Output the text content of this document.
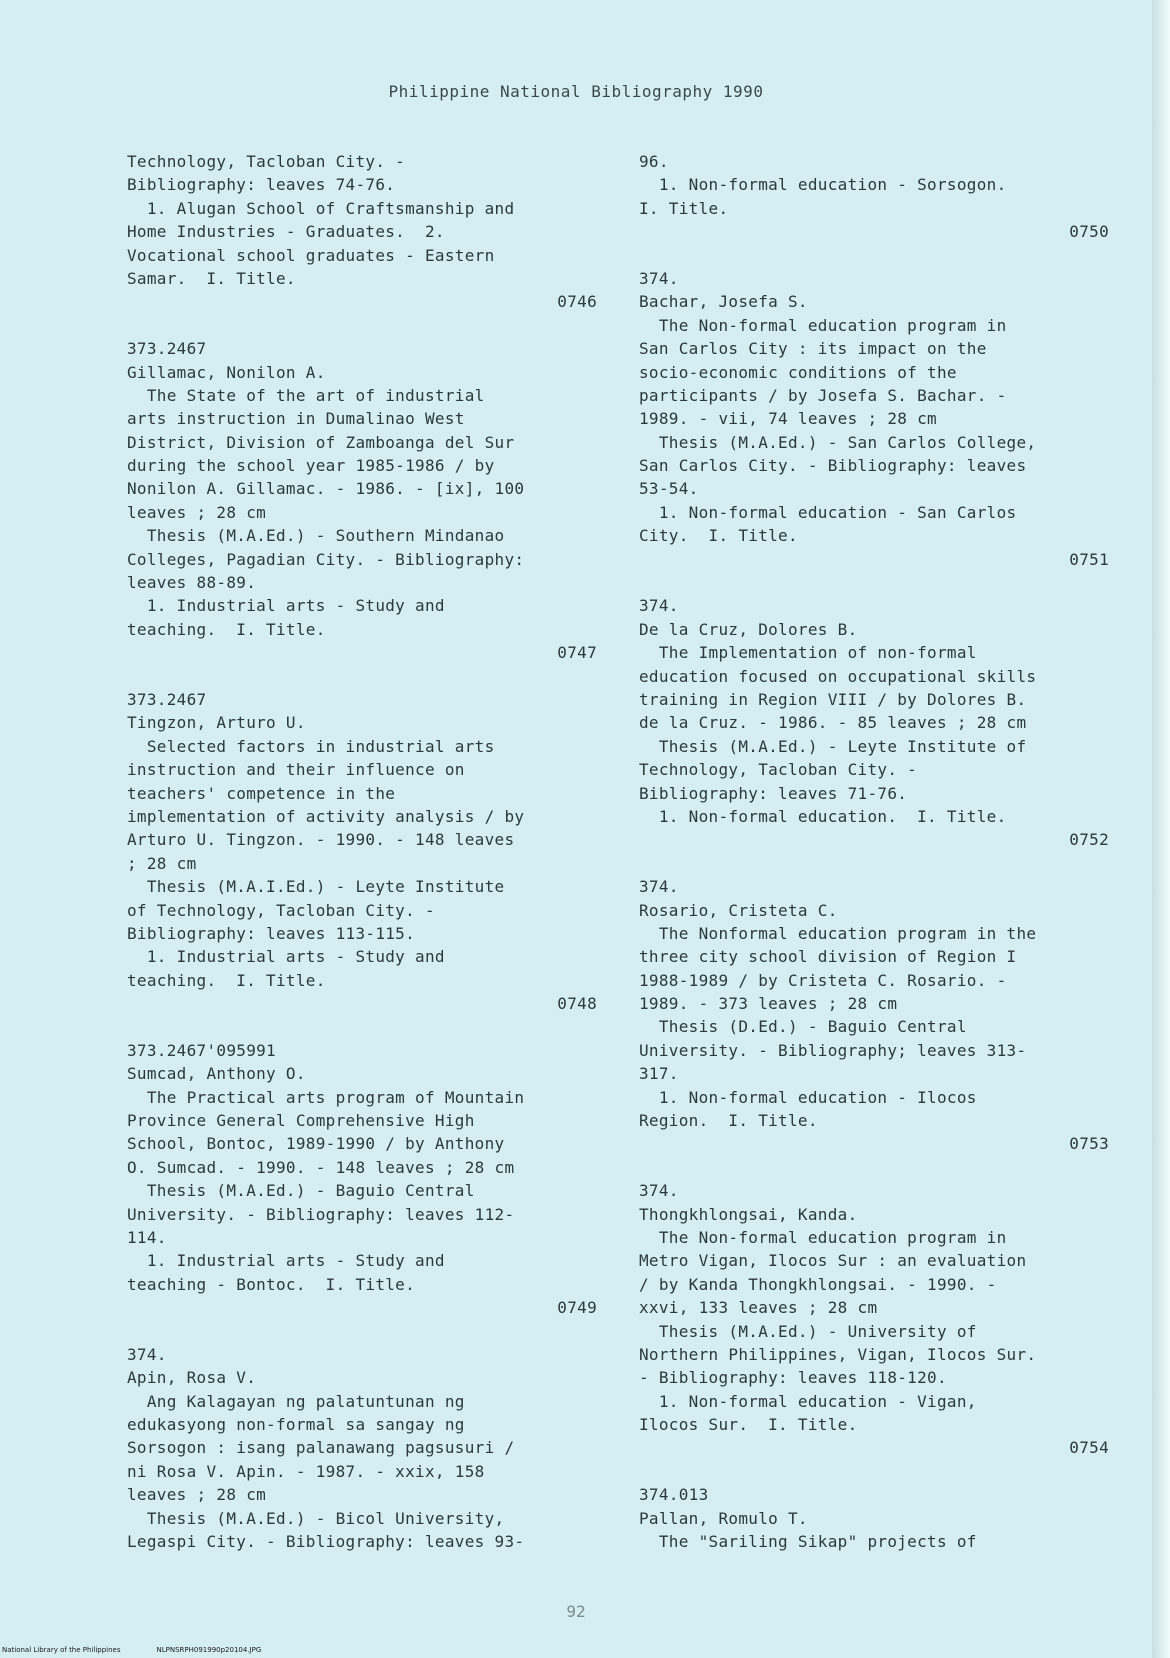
Philippine National Bibliography 1990
Technology, Tacloban City. -
Bibliography: leaves 74-76.
1. Alugan School of Craftsmanship and
Home Industries - Graduates.  2.
Vocational school graduates - Eastern
Samar.  I. Title.
0746
373.2467
Gillamac, Nonilon A.
The State of the art of industrial
arts instruction in Dumalinao West
District, Division of Zamboanga del Sur
during the school year 1985-1986 / by
Nonilon A. Gillamac. - 1986. - [ix], 100
leaves ; 28 cm
Thesis (M.A.Ed.) - Southern Mindanao
Colleges, Pagadian City. - Bibliography:
leaves 88-89.
1. Industrial arts - Study and
teaching.  I. Title.
0747
373.2467
Tingzon, Arturo U.
Selected factors in industrial arts
instruction and their influence on
teachers' competence in the
implementation of activity analysis / by
Arturo U. Tingzon. - 1990. - 148 leaves
; 28 cm
Thesis (M.A.I.Ed.) - Leyte Institute
of Technology, Tacloban City. -
Bibliography: leaves 113-115.
1. Industrial arts - Study and
teaching.  I. Title.
0748
373.2467'095991
Sumcad, Anthony O.
The Practical arts program of Mountain
Province General Comprehensive High
School, Bontoc, 1989-1990 / by Anthony
O. Sumcad. - 1990. - 148 leaves ; 28 cm
Thesis (M.A.Ed.) - Baguio Central
University. - Bibliography: leaves 112-
114.
1. Industrial arts - Study and
teaching - Bontoc.  I. Title.
0749
374.
Apin, Rosa V.
Ang Kalagayan ng palatuntunan ng
edukasyong non-formal sa sangay ng
Sorsogon : isang palanawang pagsusuri /
ni Rosa V. Apin. - 1987. - xxix, 158
leaves ; 28 cm
Thesis (M.A.Ed.) - Bicol University,
Legaspi City. - Bibliography: leaves 93-
96.
1. Non-formal education - Sorsogon.
I. Title.
0750
374.
Bachar, Josefa S.
The Non-formal education program in
San Carlos City : its impact on the
socio-economic conditions of the
participants / by Josefa S. Bachar. -
1989. - vii, 74 leaves ; 28 cm
Thesis (M.A.Ed.) - San Carlos College,
San Carlos City. - Bibliography: leaves
53-54.
1. Non-formal education - San Carlos
City.  I. Title.
0751
374.
De la Cruz, Dolores B.
The Implementation of non-formal
education focused on occupational skills
training in Region VIII / by Dolores B.
de la Cruz. - 1986. - 85 leaves ; 28 cm
Thesis (M.A.Ed.) - Leyte Institute of
Technology, Tacloban City. -
Bibliography: leaves 71-76.
1. Non-formal education.  I. Title.
0752
374.
Rosario, Cristeta C.
The Nonformal education program in the
three city school division of Region I
1988-1989 / by Cristeta C. Rosario. -
1989. - 373 leaves ; 28 cm
Thesis (D.Ed.) - Baguio Central
University. - Bibliography; leaves 313-
317.
1. Non-formal education - Ilocos
Region.  I. Title.
0753
374.
Thongkhlongsai, Kanda.
The Non-formal education program in
Metro Vigan, Ilocos Sur : an evaluation
/ by Kanda Thongkhlongsai. - 1990. -
xxvi, 133 leaves ; 28 cm
Thesis (M.A.Ed.) - University of
Northern Philippines, Vigan, Ilocos Sur.
- Bibliography: leaves 118-120.
1. Non-formal education - Vigan,
Ilocos Sur.  I. Title.
0754
374.013
Pallan, Romulo T.
The "Sariling Sikap" projects of
92
National Library of the Philippines	NLPNSRPH091990p20104.JPG
